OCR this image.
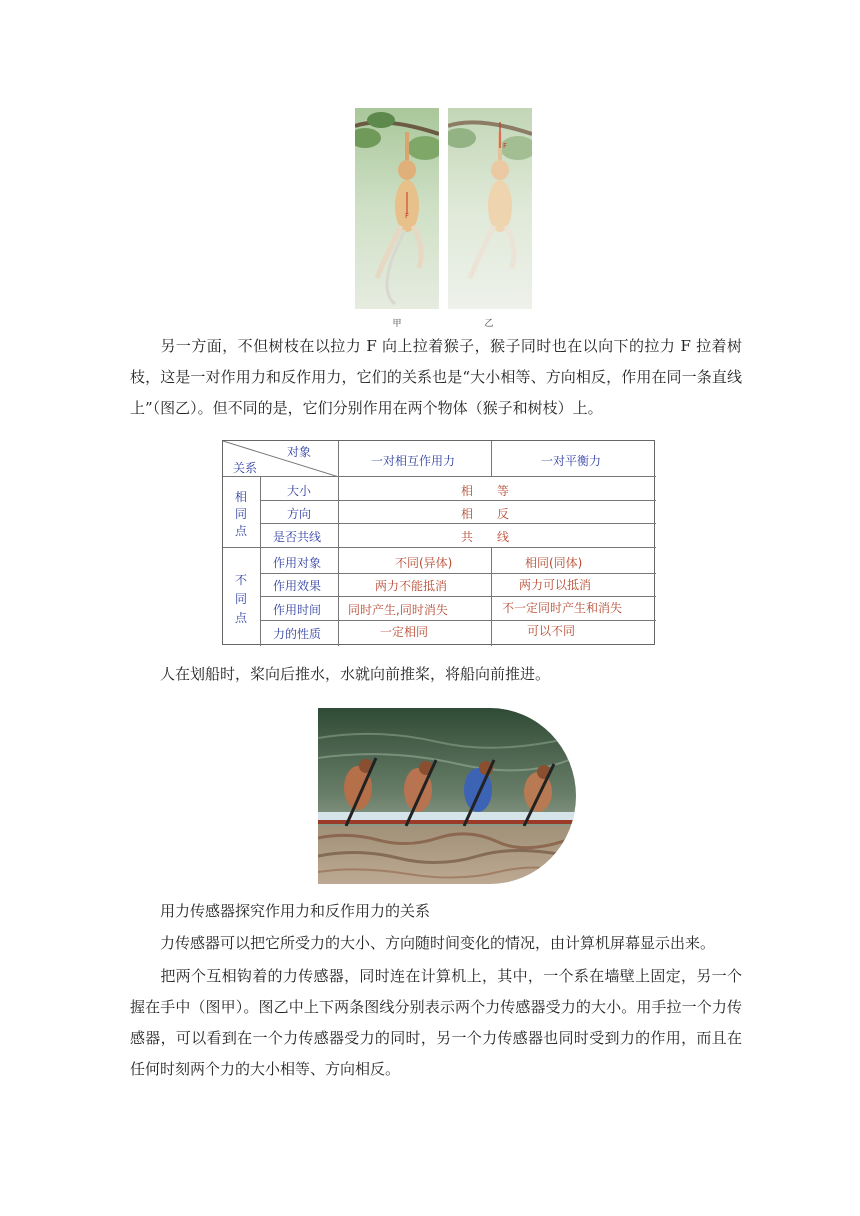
F
F
甲	乙
另一方面，不但树枝在以拉力 F 向上拉着猴子，猴子同时也在以向下的拉力 F 拉着树枝，这是一对作用力和反作用力，它们的关系也是“大小相等、方向相反，作用在同一条直线上”（图乙）。但不同的是，它们分别作用在两个物体（猴子和树枝）上。
对象
关系	一对相互作用力	一对平衡力
相同点
不同点
大小	相　　等
方向	相　　反
是否共线	共　　线
作用对象	不同(异体)	相同(同体)
作用效果	两力不能抵消	两力可以抵消
作用时间 同时产生,同时消失	不一定同时产生和消失
力的性质	一定相同	可以不同
人在划船时，桨向后推水，水就向前推桨，将船向前推进。
用力传感器探究作用力和反作用力的关系
力传感器可以把它所受力的大小、方向随时间变化的情况，由计算机屏幕显示出来。
把两个互相钩着的力传感器，同时连在计算机上，其中，一个系在墙壁上固定，另一个握在手中（图甲）。图乙中上下两条图线分别表示两个力传感器受力的大小。用手拉一个力传感器，可以看到在一个力传感器受力的同时，另一个力传感器也同时受到力的作用，而且在任何时刻两个力的大小相等、方向相反。
